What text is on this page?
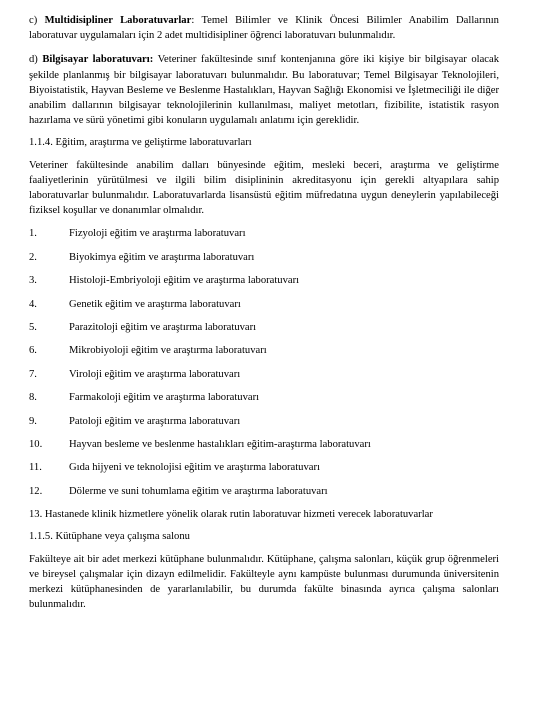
c) Multidisipliner Laboratuvarlar: Temel Bilimler ve Klinik Öncesi Bilimler Anabilim Dallarının laboratuvar uygulamaları için 2 adet multidisipliner öğrenci laboratuvarı bulunmalıdır.

d) Bilgisayar laboratuvarı: Veteriner fakültesinde sınıf kontenjanına göre iki kişiye bir bilgisayar olacak şekilde planlanmış bir bilgisayar laboratuvarı bulunmalıdır. Bu laboratuvar; Temel Bilgisayar Teknolojileri, Biyoistatistik, Hayvan Besleme ve Beslenme Hastalıkları, Hayvan Sağlığı Ekonomisi ve İşletmeciliği ile diğer anabilim dallarının bilgisayar teknolojilerinin kullanılması, maliyet metotları, fizibilite, istatistik rasyon hazırlama ve sürü yönetimi gibi konuların uygulamalı anlatımı için gereklidir.

1.1.4. Eğitim, araştırma ve geliştirme laboratuvarları

Veteriner fakültesinde anabilim dalları bünyesinde eğitim, mesleki beceri, araştırma ve geliştirme faaliyetlerinin yürütülmesi ve ilgili bilim disiplininin akreditasyonu için gerekli altyapılara sahip laboratuvarlar bulunmalıdır. Laboratuvarlarda lisansüstü eğitim müfredatına uygun deneylerin yapılabileceği fiziksel koşullar ve donanımlar olmalıdır.

1.	Fizyoloji eğitim ve araştırma laboratuvarı
2.	Biyokimya eğitim ve araştırma laboratuvarı
3.	Histoloji-Embriyoloji eğitim ve araştırma laboratuvarı
4.	Genetik eğitim ve araştırma laboratuvarı
5.	Parazitoloji eğitim ve araştırma laboratuvarı
6.	Mikrobiyoloji eğitim ve araştırma laboratuvarı
7.	Viroloji eğitim ve araştırma laboratuvarı
8.	Farmakoloji eğitim ve araştırma laboratuvarı
9.	Patoloji eğitim ve araştırma laboratuvarı
10.	Hayvan besleme ve beslenme hastalıkları eğitim-araştırma laboratuvarı
11.	Gıda hijyeni ve teknolojisi eğitim ve araştırma laboratuvarı
12.	Dölerme ve suni tohumlama eğitim ve araştırma laboratuvarı
13. Hastanede klinik hizmetlere yönelik olarak rutin laboratuvar hizmeti verecek laboratuvarlar

1.1.5. Kütüphane veya çalışma salonu

Fakülteye ait bir adet merkezi kütüphane bulunmalıdır. Kütüphane, çalışma salonları, küçük grup öğrenmeleri ve bireysel çalışmalar için dizayn edilmelidir. Fakülteyle aynı kampüste bulunması durumunda üniversitenin merkezi kütüphanesinden de yararlanılabilir, bu durumda fakülte binasında ayrıca çalışma salonları bulunmalıdır.
